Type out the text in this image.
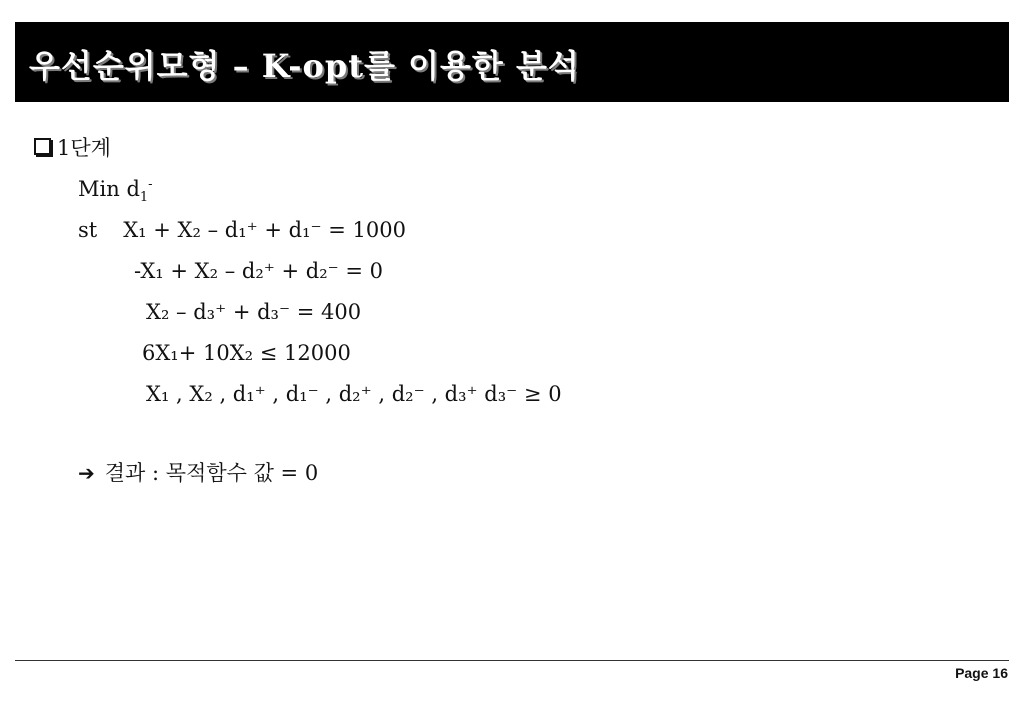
우선순위모형 – K-opt를 이용한 분석
1단계
Min $d_1^-$
st X₁ + X₂ – d₁⁺ + d₁⁻ = 1000
-X₁ + X₂ – d₂⁺ + d₂⁻ = 0
X₂ – d₃⁺ + d₃⁻ = 400
6X₁+ 10X₂ ≤ 12000
X₁ , X₂ , d₁⁺ , d₁⁻ , d₂⁺ , d₂⁻ , d₃⁺ d₃⁻ ≥ 0
➔ 결과 : 목적함수 값 = 0
Page 16
